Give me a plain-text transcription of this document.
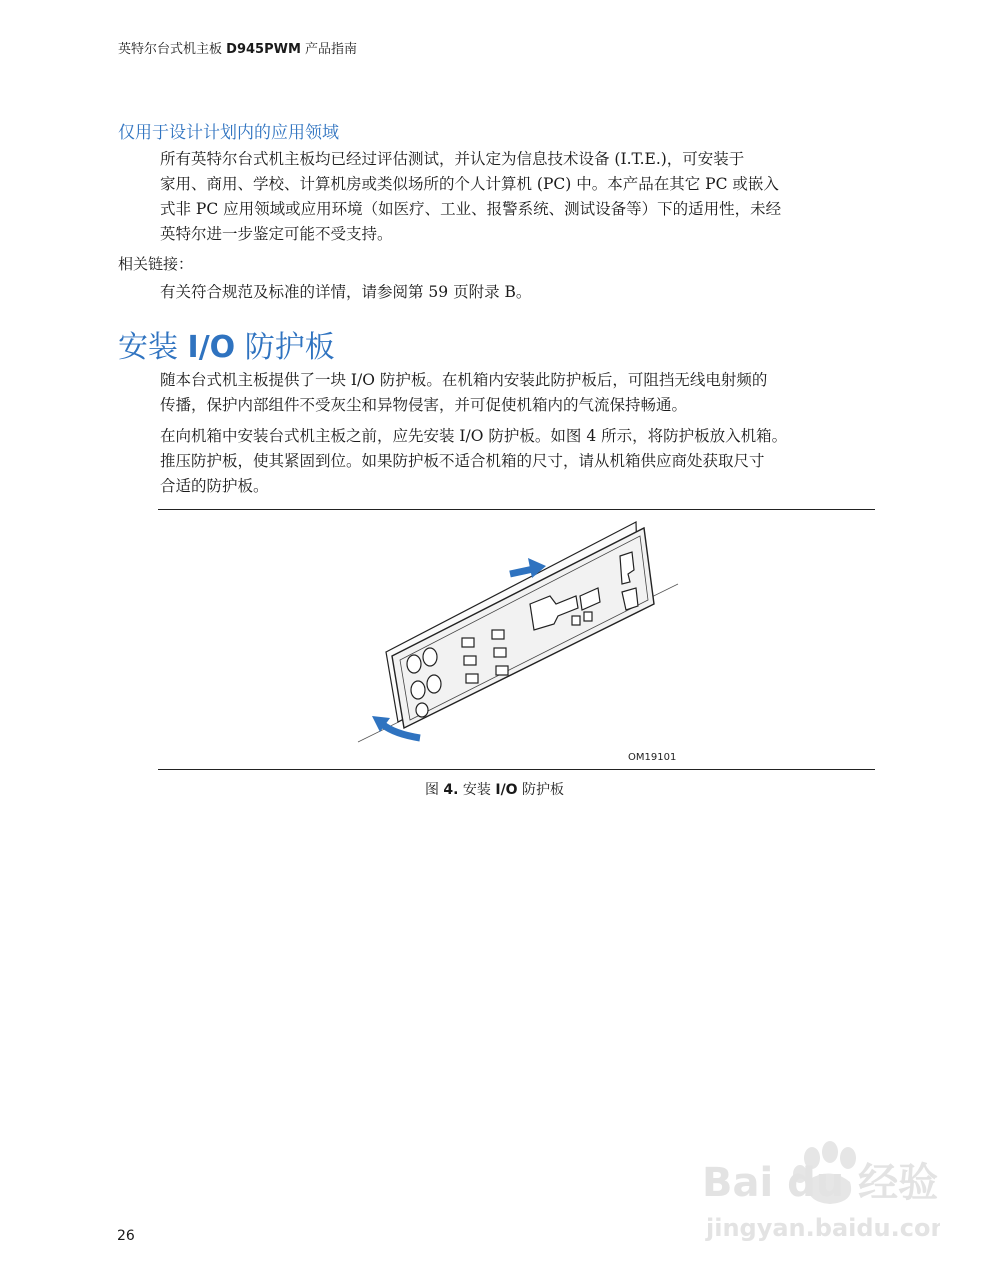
英特尔台式机主板 D945PWM 产品指南
仅用于设计计划内的应用领域
所有英特尔台式机主板均已经过评估测试，并认定为信息技术设备 (I.T.E.)，可安装于
家用、商用、学校、计算机房或类似场所的个人计算机 (PC) 中。本产品在其它 PC 或嵌入
式非 PC 应用领域或应用环境（如医疗、工业、报警系统、测试设备等）下的适用性，未经
英特尔进一步鉴定可能不受支持。
相关链接：
有关符合规范及标准的详情，请参阅第 59 页附录 B。
安装 I/O 防护板
随本台式机主板提供了一块 I/O 防护板。在机箱内安装此防护板后，可阻挡无线电射频的
传播，保护内部组件不受灰尘和异物侵害，并可促使机箱内的气流保持畅通。
在向机箱中安装台式机主板之前，应先安装 I/O 防护板。如图 4 所示，将防护板放入机箱。
推压防护板，使其紧固到位。如果防护板不适合机箱的尺寸，请从机箱供应商处获取尺寸
合适的防护板。
OM19101
图 4. 安装 I/O 防护板
26
Bai du 经验
jingyan.baidu.com
